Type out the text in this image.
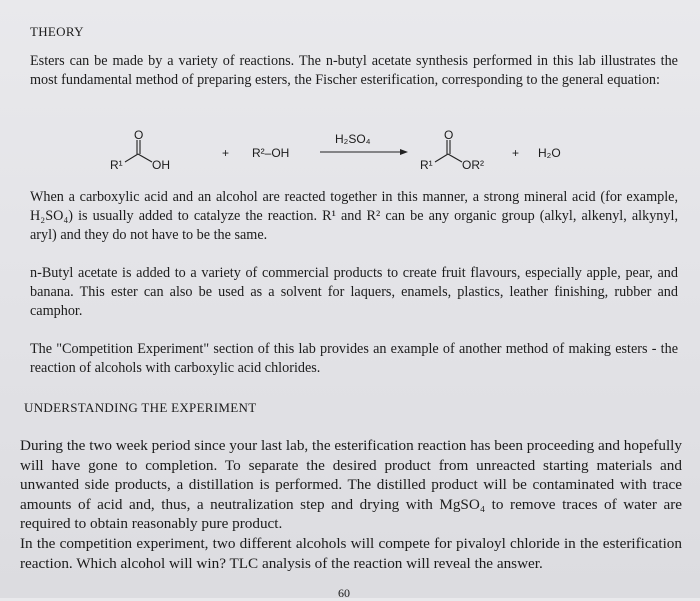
THEORY
Esters can be made by a variety of reactions. The n-butyl acetate synthesis performed in this lab illustrates the most fundamental method of preparing esters, the Fischer esterification, corresponding to the general equation:
O
R¹ OH
+ R²–OH
H₂SO₄	O
R¹ OR²
+ H₂O
When a carboxylic acid and an alcohol are reacted together in this manner, a strong mineral acid (for example, H₂SO₄) is usually added to catalyze the reaction. R¹ and R² can be any organic group (alkyl, alkenyl, alkynyl, aryl) and they do not have to be the same.
n-Butyl acetate is added to a variety of commercial products to create fruit flavours, especially apple, pear, and banana. This ester can also be used as a solvent for laquers, enamels, plastics, leather finishing, rubber and camphor.
The "Competition Experiment" section of this lab provides an example of another method of making esters - the reaction of alcohols with carboxylic acid chlorides.
UNDERSTANDING THE EXPERIMENT
During the two week period since your last lab, the esterification reaction has been proceeding and hopefully will have gone to completion. To separate the desired product from unreacted starting materials and unwanted side products, a distillation is performed. The distilled product will be contaminated with trace amounts of acid and, thus, a neutralization step and drying with MgSO₄ to remove traces of water are required to obtain reasonably pure product.
In the competition experiment, two different alcohols will compete for pivaloyl chloride in the esterification reaction. Which alcohol will win? TLC analysis of the reaction will reveal the answer.
60
